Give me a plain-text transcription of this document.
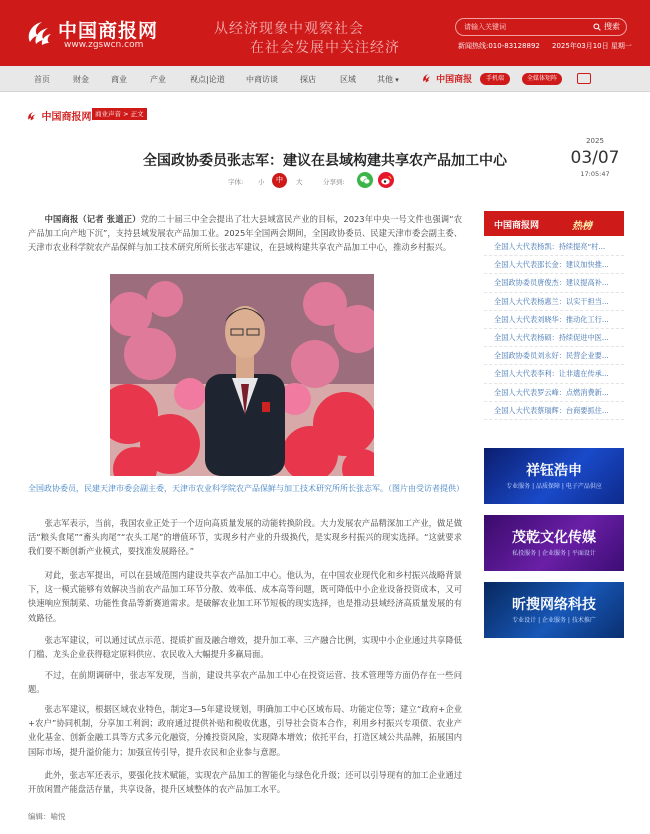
中国商报网
www.zgswcn.com
从经济现象中观察社会
在社会发展中关注经济
请输入关键词	搜索
新闻热线:010-83128892 2025年03月10日 星期一
首页	财金	商业	产业	视点|论道	中商访谈	探店	区域	其他 ▾	中国商报	手机端	全媒体矩阵
中国商报网 商业声音 > 正文
全国政协委员张志军：建议在县域构建共享农产品加工中心
2025
03/07
17:05:47
字体: 小	中	大	分享到:

中国商报（记者 张道正）党的二十届三中全会提出了壮大县域富民产业的目标，2023年中央一号文件也强调“农产品加工向产地下沉”，支持县域发展农产品加工业。2025年全国两会期间，全国政协委员、民建天津市委会副主委、天津市农业科学院农产品保鲜与加工技术研究所所长张志军建议，在县域构建共享农产品加工中心，推动乡村振兴。

全国政协委员，民建天津市委会副主委，天津市农业科学院农产品保鲜与加工技术研究所所长张志军。（图片由受访者提供）

张志军表示，当前，我国农业正处于一个迈向高质量发展的动能转换阶段。大力发展农产品精深加工产业，做足做活“粮头食尾”“畜头肉尾”“农头工尾”的增值环节，实现乡村产业的升级换代，是实现乡村振兴的现实选择。“这就要求我们要不断创新产业模式，要找准发展路径。”

对此，张志军提出，可以在县域范围内建设共享农产品加工中心。他认为，在中国农业现代化和乡村振兴战略背景下，这一模式能够有效解决当前农产品加工环节分散、效率低、成本高等问题，既可降低中小企业设备投资成本，又可快速响应预制菜、功能性食品等新赛道需求。是破解农业加工环节短板的现实选择，也是推动县域经济高质量发展的有效路径。

张志军建议，可以通过试点示范、提质扩面及融合增效，提升加工率、三产融合比例，实现中小企业通过共享降低门槛、龙头企业获得稳定原料供应、农民收入大幅提升多赢局面。

不过，在前期调研中，张志军发现，当前，建设共享农产品加工中心在投资运营、技术管理等方面仍存在一些问题。

张志军建议，根据区域农业特色，制定3—5年建设规划，明确加工中心区域布局、功能定位等；建立“政府+企业+农户”协同机制，分享加工利润；政府通过提供补贴和税收优惠，引导社会资本合作，利用乡村振兴专项债、农业产业化基金、创新金融工具等方式多元化融资，分摊投资风险，实现降本增效；依托平台，打造区域公共品牌，拓展国内国际市场，提升溢价能力；加强宣传引导，提升农民和企业参与意愿。

此外，张志军还表示，要强化技术赋能，实现农产品加工的智能化与绿色化升级；还可以引导现有的加工企业通过开放闲置产能盘活存量，共享设备，提升区域整体的农产品加工水平。

编辑：喻悦
中国商报网	热榜
全国人大代表杨凯：持续提亮“村...
全国人大代表邵长金：建议加快推...
全国政协委员唐俊杰：建议提高补...
全国人大代表杨惠兰：以实干担当...
全国人大代表刘晓华：推动化工行...
全国人大代表杨硕：持续促进中医...
全国政协委员刘永好：民营企业要...
全国人大代表李利：让非遗在传承...
全国人大代表罗云峰：点燃消费新...
全国人大代表蔡瑞辉：台商要抓住...
祥钰浩申
专业服务 | 品质保障 | 电子产品供应
茂乾文化传媒
私投服务 | 企业服务 | 平面设计
昕搜网络科技
专业设计 | 企业服务 | 技术推广
